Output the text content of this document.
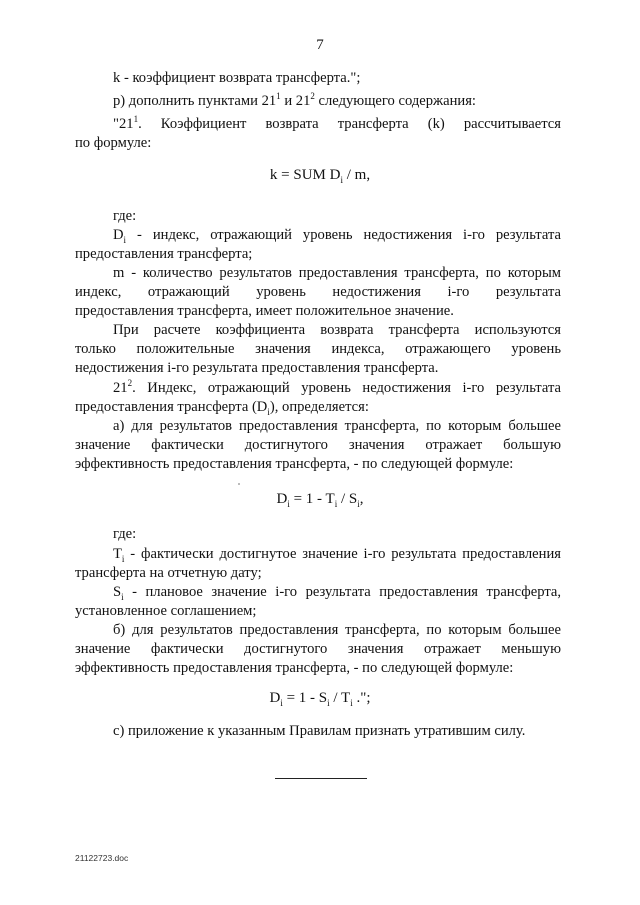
7
k - коэффициент возврата трансферта.";
р) дополнить пунктами $21^1$ и $21^2$ следующего содержания:
"$21^1$. Коэффициент возврата трансферта (k) рассчитывается
по формуле:
k = SUM $D_i$ / m,
где:
$D_i$ - индекс, отражающий уровень недостижения i-го результата
предоставления трансферта;
m - количество результатов предоставления трансферта, по которым
индекс, отражающий уровень недостижения i-го результата
предоставления трансферта, имеет положительное значение.
При расчете коэффициента возврата трансферта используются
только положительные значения индекса, отражающего уровень
недостижения i-го результата предоставления трансферта.
$21^2$. Индекс, отражающий уровень недостижения i-го результата
предоставления трансферта $(D_i)$, определяется:
а) для результатов предоставления трансферта, по которым большее
значение фактически достигнутого значения отражает большую
эффективность предоставления трансферта, - по следующей формуле:
$D_i = 1 - T_i / S_i$,
где:
$T_i$ - фактически достигнутое значение i-го результата предоставления
трансферта на отчетную дату;
$S_i$ - плановое значение i-го результата предоставления трансферта,
установленное соглашением;
б) для результатов предоставления трансферта, по которым большее
значение фактически достигнутого значения отражает меньшую
эффективность предоставления трансферта, - по следующей формуле:
$D_i = 1 - S_i / T_i$ .";
с) приложение к указанным Правилам признать утратившим силу.
21122723.doc
